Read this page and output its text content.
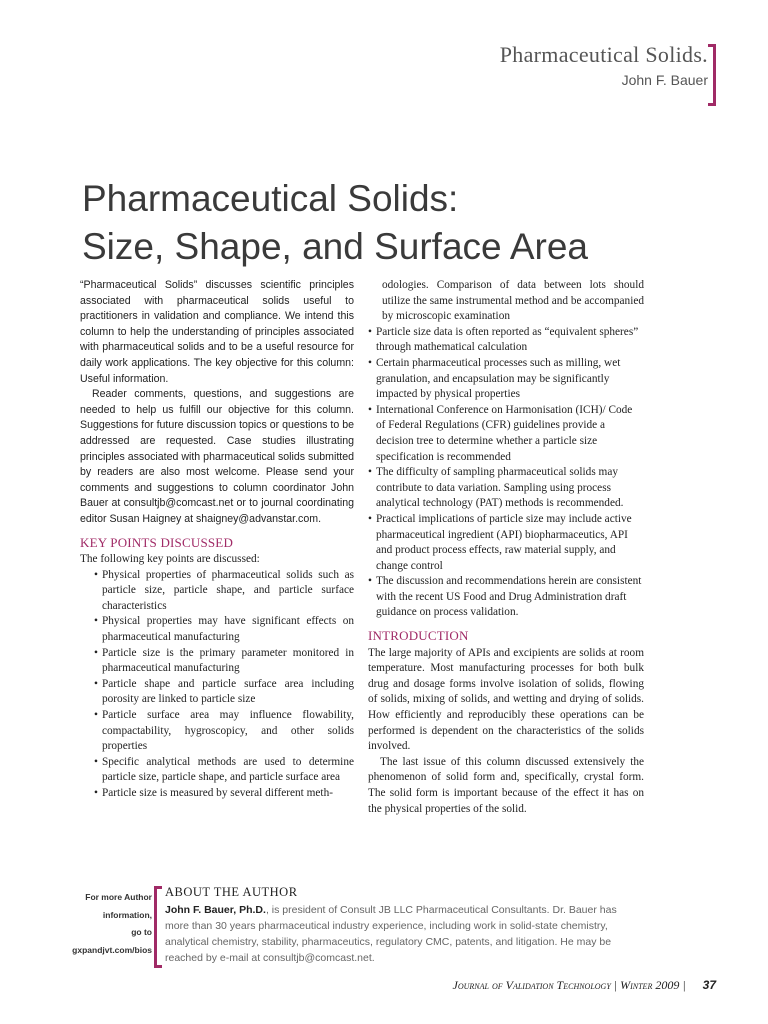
Pharmaceutical Solids.
John F. Bauer
Pharmaceutical Solids:
Size, Shape, and Surface Area

“Pharmaceutical Solids” discusses scientific principles associated with pharmaceutical solids useful to practitioners in validation and compliance. We intend this column to help the understanding of principles associated with pharmaceutical solids and to be a useful resource for daily work applications. The key objective for this column: Useful information.

Reader comments, questions, and suggestions are needed to help us fulfill our objective for this column. Suggestions for future discussion topics or questions to be addressed are requested. Case studies illustrating principles associated with pharmaceutical solids submitted by readers are also most welcome. Please send your comments and suggestions to column coordinator John Bauer at consultjb@comcast.net or to journal coordinating editor Susan Haigney at shaigney@advanstar.com.

KEY POINTS DISCUSSED

The following key points are discussed:

• Physical properties of pharmaceutical solids such as particle size, particle shape, and particle surface characteristics
• Physical properties may have significant effects on pharmaceutical manufacturing
• Particle size is the primary parameter monitored in pharmaceutical manufacturing
• Particle shape and particle surface area including porosity are linked to particle size
• Particle surface area may influence flowability, compactability, hygroscopicy, and other solids properties
• Specific analytical methods are used to determine particle size, particle shape, and particle surface area
• Particle size is measured by several different meth-

odologies. Comparison of data between lots should utilize the same instrumental method and be accompanied by microscopic examination

• Particle size data is often reported as “equivalent spheres” through mathematical calculation
• Certain pharmaceutical processes such as milling, wet granulation, and encapsulation may be significantly impacted by physical properties
• International Conference on Harmonisation (ICH)/ Code of Federal Regulations (CFR) guidelines provide a decision tree to determine whether a particle size specification is recommended
• The difficulty of sampling pharmaceutical solids may contribute to data variation. Sampling using process analytical technology (PAT) methods is recommended.
• Practical implications of particle size may include active pharmaceutical ingredient (API) biopharmaceutics, API and product process effects, raw material supply, and change control
• The discussion and recommendations herein are consistent with the recent US Food and Drug Administration draft guidance on process validation.
INTRODUCTION

The large majority of APIs and excipients are solids at room temperature. Most manufacturing processes for both bulk drug and dosage forms involve isolation of solids, flowing of solids, mixing of solids, and wetting and drying of solids. How efficiently and reproducibly these operations can be performed is dependent on the characteristics of the solids involved.

The last issue of this column discussed extensively the phenomenon of solid form and, specifically, crystal form. The solid form is important because of the effect it has on the physical properties of the solid.

For more Author
information,
go to
gxpandjvt.com/bios
ABOUT THE AUTHOR

John F. Bauer, Ph.D., is president of Consult JB LLC Pharmaceutical Consultants. Dr. Bauer has more than 30 years pharmaceutical industry experience, including work in solid-state chemistry, analytical chemistry, stability, pharmaceutics, regulatory CMC, patents, and litigation. He may be reached by e-mail at consultjb@comcast.net.

Journal of Validation Technology | Winter 2009 | 37
